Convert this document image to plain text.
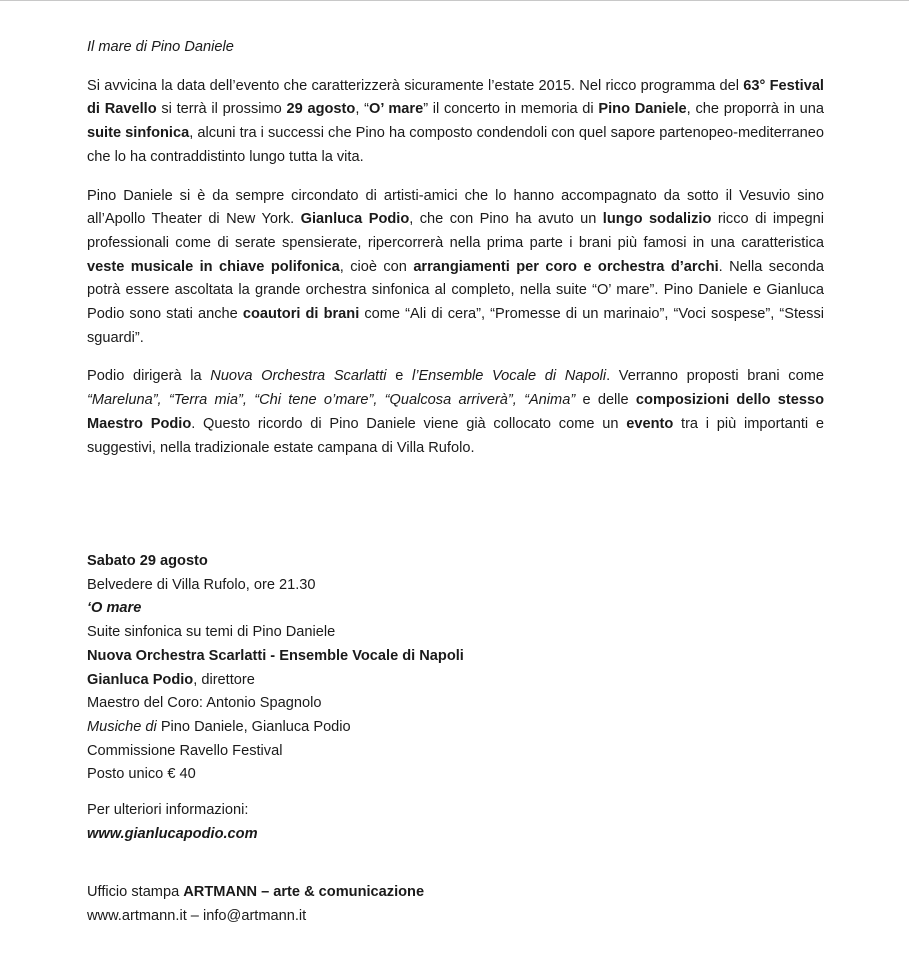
Il mare di Pino Daniele

Si avvicina la data dell’evento che caratterizzerà sicuramente l’estate 2015. Nel ricco programma del 63° Festival di Ravello si terrà il prossimo 29 agosto, “O’ mare” il concerto in memoria di Pino Daniele, che proporrà in una suite sinfonica, alcuni tra i successi che Pino ha composto condendoli con quel sapore partenopeo-mediterraneo che lo ha contraddistinto lungo tutta la vita.

Pino Daniele si è da sempre circondato di artisti-amici che lo hanno accompagnato da sotto il Vesuvio sino all’Apollo Theater di New York. Gianluca Podio, che con Pino ha avuto un lungo sodalizio ricco di impegni professionali come di serate spensierate, ripercorrerà nella prima parte i brani più famosi in una caratteristica veste musicale in chiave polifonica, cioè con arrangiamenti per coro e orchestra d’archi. Nella seconda potrà essere ascoltata la grande orchestra sinfonica al completo, nella suite “O’ mare”. Pino Daniele e Gianluca Podio sono stati anche coautori di brani come “Ali di cera”, “Promesse di un marinaio”, “Voci sospese”, “Stessi sguardi”.

Podio dirigerà la Nuova Orchestra Scarlatti e l’Ensemble Vocale di Napoli. Verranno proposti brani come “Mareluna”, “Terra mia”, “Chi tene o’mare”, “Qualcosa arriverà”, “Anima” e delle composizioni dello stesso Maestro Podio. Questo ricordo di Pino Daniele viene già collocato come un evento tra i più importanti e suggestivi, nella tradizionale estate campana di Villa Rufolo.

Sabato 29 agosto

Belvedere di Villa Rufolo, ore 21.30

‘O mare

Suite sinfonica su temi di Pino Daniele

Nuova Orchestra Scarlatti - Ensemble Vocale di Napoli

Gianluca Podio, direttore

Maestro del Coro: Antonio Spagnolo

Musiche di Pino Daniele, Gianluca Podio

Commissione Ravello Festival

Posto unico € 40

Per ulteriori informazioni:

www.gianlucapodio.com

Ufficio stampa ARTMANN – arte & comunicazione

www.artmann.it – info@artmann.it
